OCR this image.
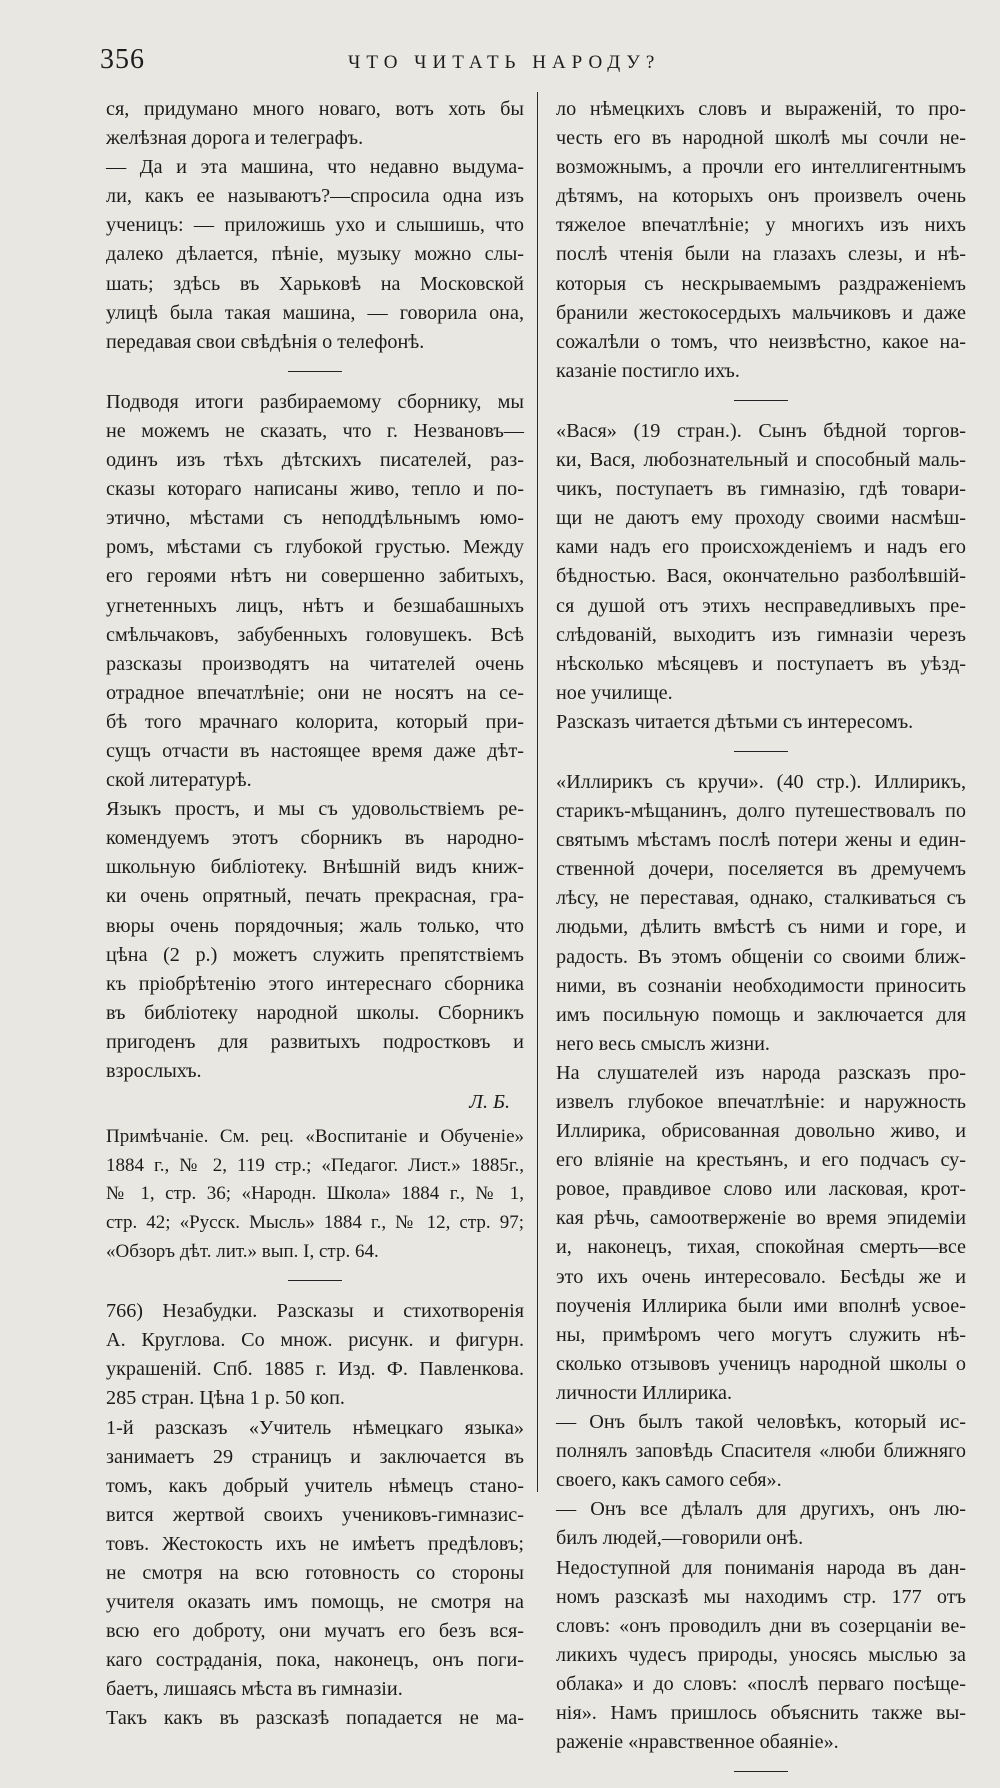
356	ЧТО ЧИТАТЬ НАРОДУ?
ся, придумано много новаго, вотъ хоть бы
желѣзная дорога и телеграфъ.
— Да и эта машина, что недавно выдума-
ли, какъ ее называютъ?—спросила одна изъ
ученицъ: — приложишь ухо и слышишь, что
далеко дѣлается, пѣніе, музыку можно слы-
шать; здѣсь въ Харьковѣ на Московской
улицѣ была такая машина, — говорила она,
передавая свои свѣдѣнія о телефонѣ.
Подводя итоги разбираемому сборнику, мы
не можемъ не сказать, что г. Незвановъ—
одинъ изъ тѣхъ дѣтскихъ писателей, раз-
сказы котораго написаны живо, тепло и по-
этично, мѣстами съ неподдѣльнымъ юмо-
ромъ, мѣстами съ глубокой грустью. Между
его героями нѣтъ ни совершенно забитыхъ,
угнетенныхъ лицъ, нѣтъ и безшабашныхъ
смѣльчаковъ, забубенныхъ головушекъ. Всѣ
разсказы производятъ на читателей очень
отрадное впечатлѣніе; они не носятъ на се-
бѣ того мрачнаго колорита, который при-
сущъ отчасти въ настоящее время даже дѣт-
ской литературѣ.
Языкъ простъ, и мы съ удовольствіемъ ре-
комендуемъ этотъ сборникъ въ народно-
школьную библіотеку. Внѣшній видъ книж-
ки очень опрятный, печать прекрасная, гра-
вюры очень порядочныя; жаль только, что
цѣна (2 р.) можетъ служить препятствіемъ
къ пріобрѣтенію этого интереснаго сборника
въ библіотеку народной школы. Сборникъ
пригоденъ для развитыхъ подростковъ и
взрослыхъ.
Л. Б.
Примѣчаніе. См. рец. «Воспитаніе и Обученіе»
1884 г., № 2, 119 стр.; «Педагог. Лист.» 1885г.,
№ 1, стр. 36; «Народн. Школа» 1884 г., № 1,
стр. 42; «Русск. Мысль» 1884 г., № 12, стр. 97;
«Обзоръ дѣт. лит.» вып. I, стр. 64.
766) Незабудки. Разсказы и стихотворенія
А. Круглова. Со множ. рисунк. и фигурн.
украшеній. Спб. 1885 г. Изд. Ф. Павленкова.
285 стран. Цѣна 1 р. 50 коп.
1-й разсказъ «Учитель нѣмецкаго языка»
занимаетъ 29 страницъ и заключается въ
томъ, какъ добрый учитель нѣмецъ стано-
вится жертвой своихъ учениковъ-гимназис-
товъ. Жестокость ихъ не имѣетъ предѣловъ;
не смотря на всю готовность со стороны
учителя оказать имъ помощь, не смотря на
всю его доброту, они мучатъ его безъ вся-
каго сострạданія, пока, наконецъ, онъ поги-
баетъ, лишаясь мѣста въ гимназіи.
Такъ какъ въ разсказѣ попадается не ма-
ло нѣмецкихъ словъ и выраженій, то про-
честь его въ народной школѣ мы сочли не-
возможнымъ, а прочли его интеллигентнымъ
дѣтямъ, на которыхъ онъ произвелъ очень
тяжелое впечатлѣніе; у многихъ изъ нихъ
послѣ чтенія были на глазахъ слезы, и нѣ-
которыя съ нескрываемымъ раздраженіемъ
бранили жестокосердыхъ мальчиковъ и даже
сожалѣли о томъ, что неизвѣстно, какое на-
казаніе постигло ихъ.
«Вася» (19 стран.). Сынъ бѣдной торгов-
ки, Вася, любознательный и способный маль-
чикъ, поступаетъ въ гимназію, гдѣ товари-
щи не даютъ ему проходу своими насмѣш-
ками надъ его происхожденіемъ и надъ его
бѣдностью. Вася, окончательно разболѣвшій-
ся душой отъ этихъ несправедливыхъ пре-
слѣдованій, выходитъ изъ гимназіи черезъ
нѣсколько мѣсяцевъ и поступаетъ въ уѣзд-
ное училище.
Разсказъ читается дѣтьми съ интересомъ.
«Иллирикъ съ кручи». (40 стр.). Иллирикъ,
старикъ-мѣщанинъ, долго путешествовалъ по
святымъ мѣстамъ послѣ потери жены и един-
ственной дочери, поселяется въ дремучемъ
лѣсу, не переставая, однако, сталкиваться съ
людьми, дѣлить вмѣстѣ съ ними и горе, и
радость. Въ этомъ общеніи со своими ближ-
ними, въ сознаніи необходимости приносить
имъ посильную помощь и заключается для
него весь смыслъ жизни.
На слушателей изъ народа разсказъ про-
извелъ глубокое впечатлѣніе: и наружность
Иллирика, обрисованная довольно живо, и
его вліяніе на крестьянъ, и его подчасъ су-
ровое, правдивое слово или ласковая, крот-
кая рѣчь, самоотверженіе во время эпидеміи
и, наконецъ, тихая, спокойная смерть—все
это ихъ очень интересовало. Бесѣды же и
поученія Иллирика были ими вполнѣ усвое-
ны, примѣромъ чего могутъ служить нѣ-
сколько отзывовъ ученицъ народной школы о
личности Иллирика.
— Онъ былъ такой человѣкъ, который ис-
полнялъ заповѣдь Спасителя «люби ближняго
своего, какъ самого себя».
— Онъ все дѣлалъ для другихъ, онъ лю-
билъ людей,—говорили онѣ.
Недоступной для пониманія народа въ дан-
номъ разсказѣ мы находимъ стр. 177 отъ
словъ: «онъ проводилъ дни въ созерцаніи ве-
ликихъ чудесъ природы, уносясь мыслью за
облака» и до словъ: «послѣ перваго посѣще-
нія». Намъ пришлось объяснить также вы-
раженіе «нравственное обаяніе».
